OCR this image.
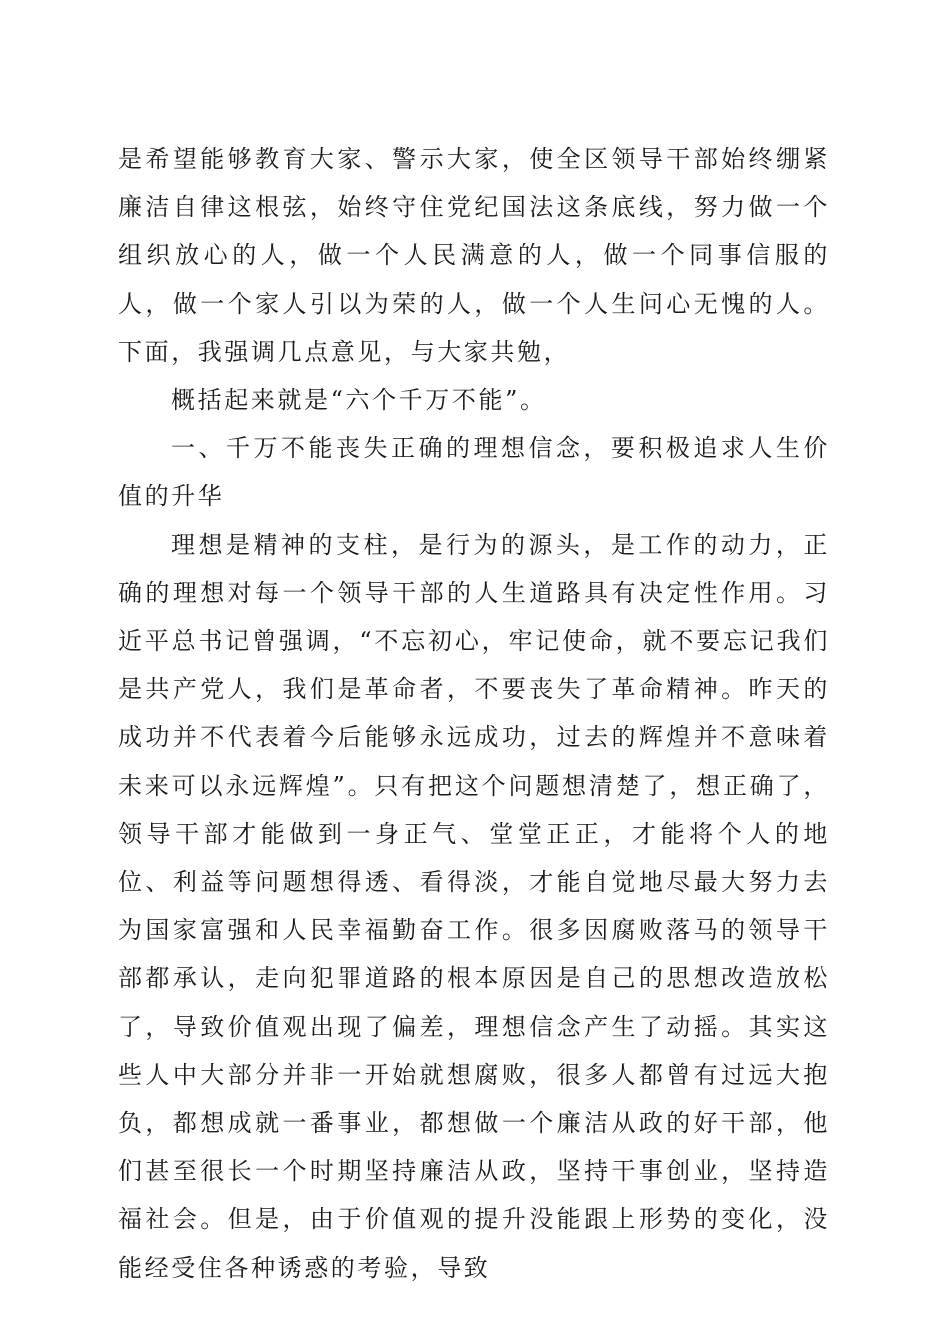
是希望能够教育大家、警示大家，使全区领导干部始终绷紧廉洁自律这根弦，始终守住党纪国法这条底线，努力做一个组织放心的人，做一个人民满意的人，做一个同事信服的人，做一个家人引以为荣的人，做一个人生问心无愧的人。下面，我强调几点意见，与大家共勉，

概括起来就是“六个千万不能”。

一、千万不能丧失正确的理想信念，要积极追求人生价值的升华

理想是精神的支柱，是行为的源头，是工作的动力，正确的理想对每一个领导干部的人生道路具有决定性作用。习近平总书记曾强调，“不忘初心，牢记使命，就不要忘记我们是共产党人，我们是革命者，不要丧失了革命精神。昨天的成功并不代表着今后能够永远成功，过去的辉煌并不意味着未来可以永远辉煌”。只有把这个问题想清楚了，想正确了，领导干部才能做到一身正气、堂堂正正，才能将个人的地位、利益等问题想得透、看得淡，才能自觉地尽最大努力去为国家富强和人民幸福勤奋工作。很多因腐败落马的领导干部都承认，走向犯罪道路的根本原因是自己的思想改造放松了，导致价值观出现了偏差，理想信念产生了动摇。其实这些人中大部分并非一开始就想腐败，很多人都曾有过远大抱负，都想成就一番事业，都想做一个廉洁从政的好干部，他们甚至很长一个时期坚持廉洁从政，坚持干事创业，坚持造福社会。但是，由于价值观的提升没能跟上形势的变化，没能经受住各种诱惑的考验，导致
